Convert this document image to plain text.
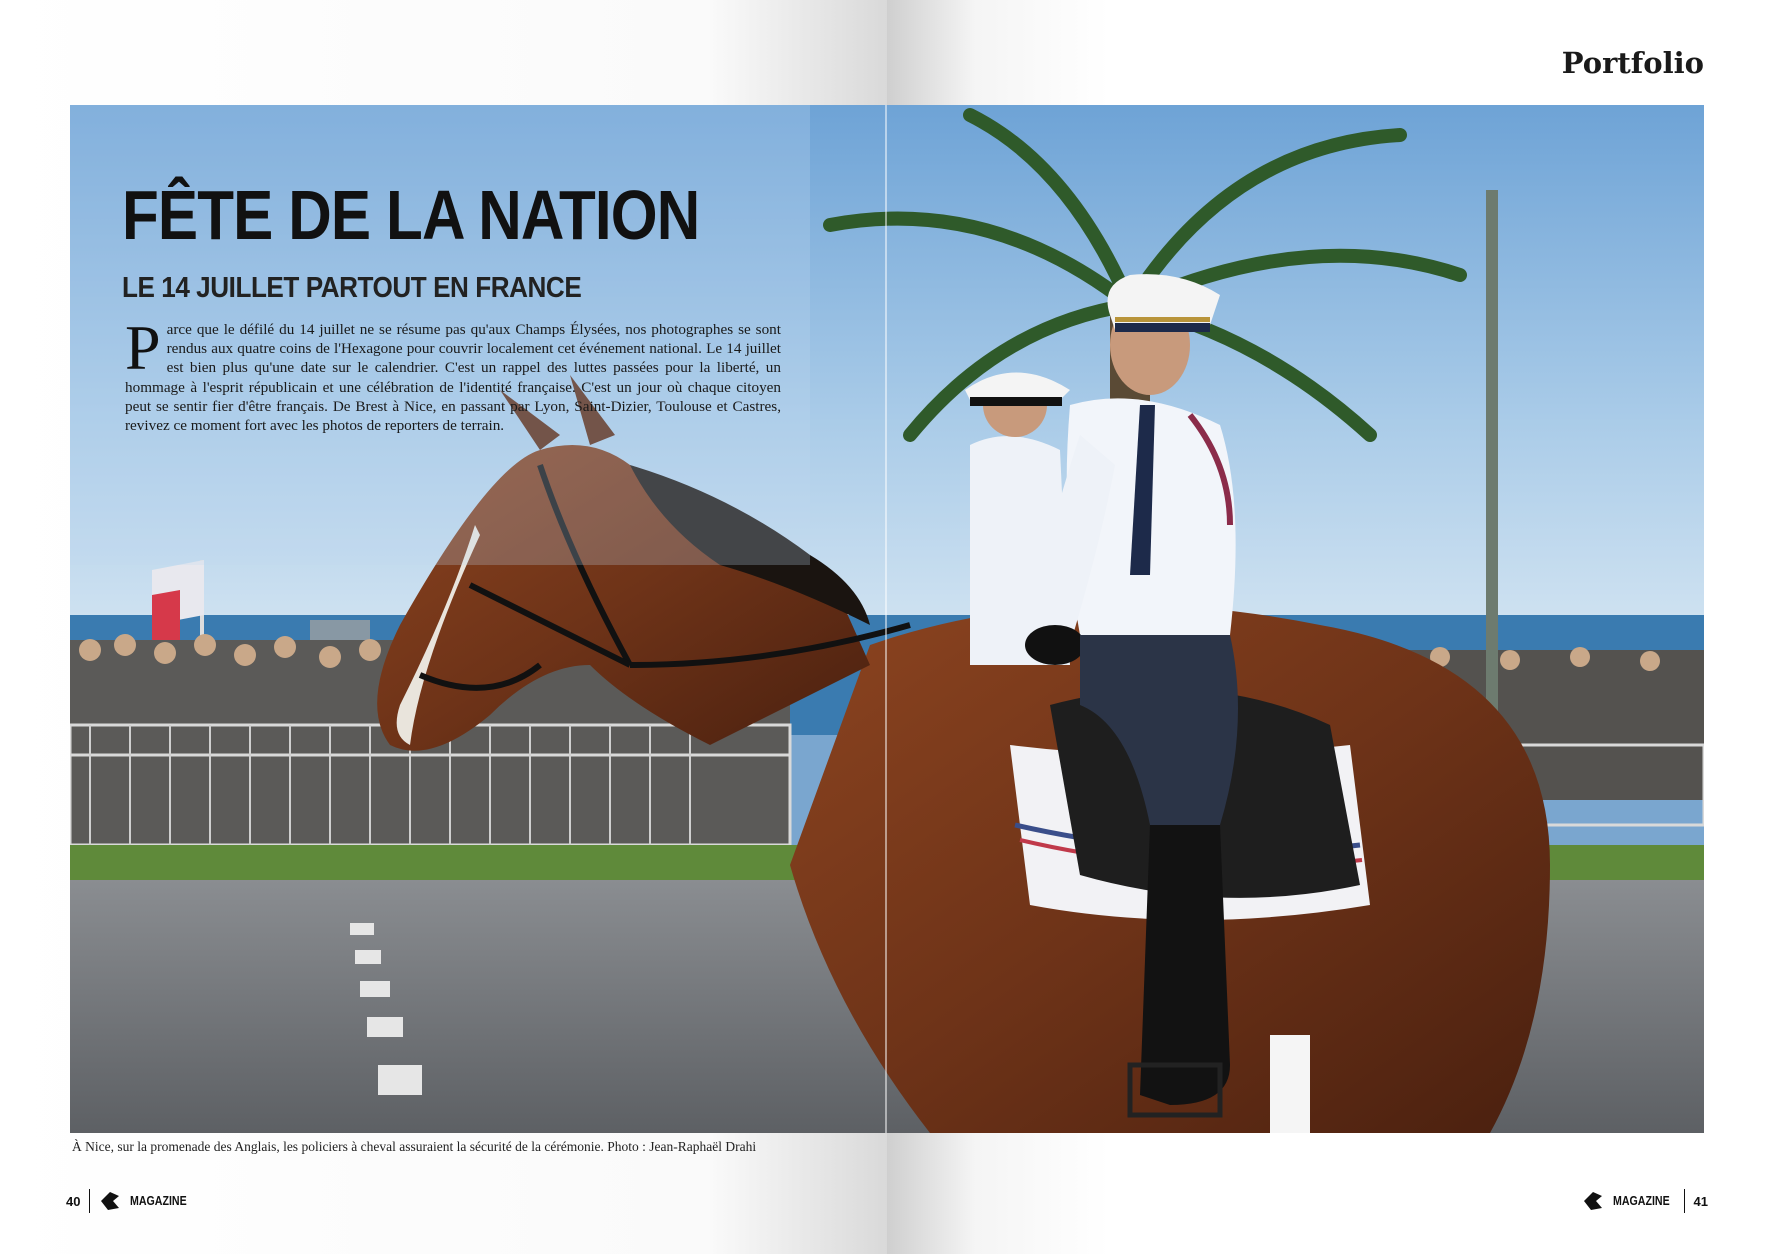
Portfolio
FÊTE DE LA NATION
LE 14 JUILLET PARTOUT EN FRANCE

Parce que le défilé du 14 juillet ne se résume pas qu'aux Champs Élysées, nos photographes se sont rendus aux quatre coins de l'Hexagone pour couvrir localement cet événement national. Le 14 juillet est bien plus qu'une date sur le calendrier. C'est un rappel des luttes passées pour la liberté, un hommage à l'esprit républicain et une célébration de l'identité française. C'est un jour où chaque citoyen peut se sentir fier d'être français. De Brest à Nice, en passant par Lyon, Saint-Dizier, Toulouse et Castres, revivez ce moment fort avec les photos de reporters de terrain.

À Nice, sur la promenade des Anglais, les policiers à cheval assuraient la sécurité de la cérémonie. Photo : Jean-Raphaël Drahi
40	MAGAZINE	MAGAZINE 41
